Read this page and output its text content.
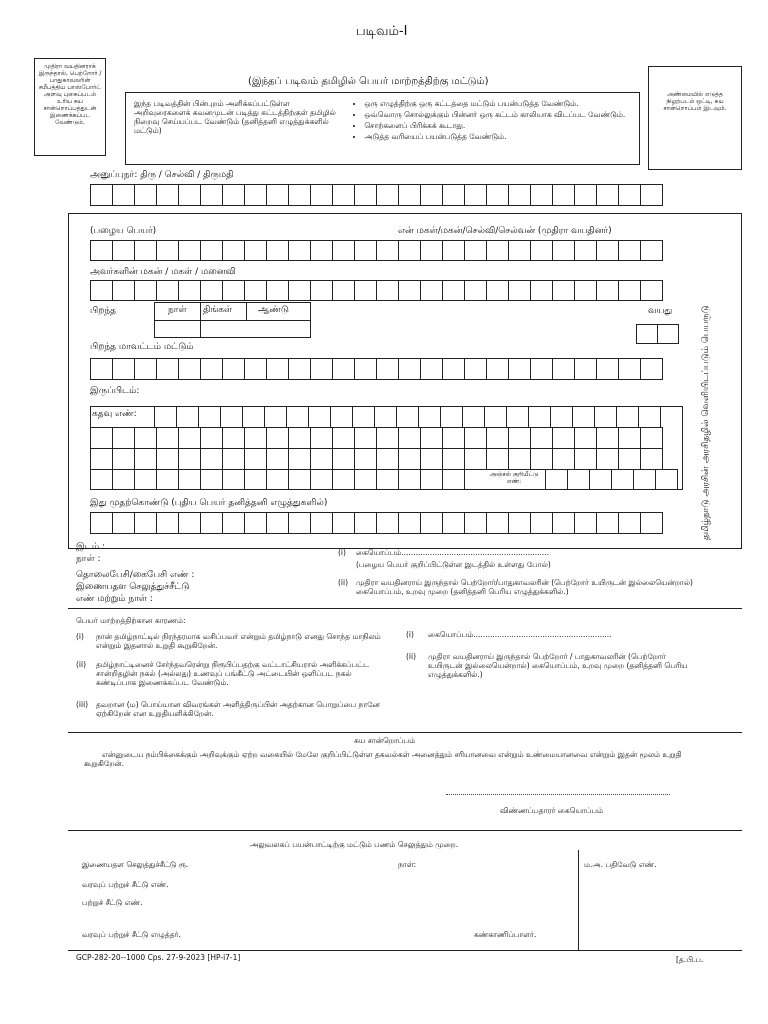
படிவம்-I
(இந்தப் படிவம் தமிழில் பெயர் மாற்றத்திற்கு மட்டும்)
முதிரா வயதினராக் இருந்தால், பெற்றோர் / பாதுகாவலரின் சமீபத்திய பாஸ்போர்ட் அளவு புகைப்படம் உரிய சுய சான்றொப்பத்துடன் இணைக்கப்பட வேண்டும்.
அண்மையில் எடுத்த நிழற்படம் ஒட்டி, சுய சான்றொப்பம் இடவும்.
இந்த படிவத்தின் பின்புறம் அளிக்கப்பட்டுள்ள அறிவுரைகளைக் கவனமுடன் படித்து கட்டத்திற்குள் தமிழில் நிறைவு செய்யப்பட வேண்டும் (தனித்தனி எழுத்துக்களில் மட்டும்)
• ஒரு எழுத்திற்கு ஒரு கட்டத்தை மட்டும் பயன்படுத்த வேண்டும்.
• ஒவ்வொரு சொல்லுக்கும் பின்னர் ஒரு கட்டம் காலியாக விடப்பட வேண்டும்.
• சொற்களைப் பிரிக்கக் கூடாது.
• அடுத்த வரியைப் பயன்படுத்த வேண்டும்.
அனுப்புநர்: திரு / செல்வி / திருமதி
(பழைய பெயர்)	என் மகள்/மகன்/செல்வி/செல்வன் (முதிரா வயதினர்)
அவர்களின் மகன் / மகள் / மனைவி
பிறந்த	நாள் திங்கள்	ஆண்டு	வயது
பிறந்த மாவட்டம் மட்டும்
இருப்பிடம்:
கதவு எண்:
அஞ்சல் குறியீட்டு எண்:
இது முதற்கொண்டு (புதிய பெயர் தனித்தனி எழுத்துகளில்)	தமிழ்நாடு அரசின் அரசிதழில் வெளியிடப்படும் பெயருடு
இடம் :
நாள் :
தொலைபேசி/கைபேசி எண் :
இணையதள செலுத்துச்சீட்டு
எண் மற்றும் நாள் :
(i) கையொப்பம்..............................................................
(பழைய பெயர் குறிப்பிட்டுள்ள இடத்தில் உள்ளது போல்)
(ii) முதிரா வயதினராய் இருந்தால் பெற்றோர்/பாதுகாவலரின் (பெற்றோர் உயிருடன் இல்லையென்றால்) கையொப்பம், உறவு முறை (தனித்தனி பெரிய எழுத்துக்களில்.)
பெயர் மாற்றத்திற்கான காரணம்:
(i) நான் தமிழ்நாட்டில் நிரந்தரமாக வசிப்பவர் என்றும் தமிழ்நாடு எனது சொந்த மாநிலம் என்றும் இதனால் உறுதி கூறுகிறேன்.
(ii) தமிழ்நாட்டினைச் சேர்ந்தவரென்று நிரூபிப்பதற்கு வட்டாட்சியரால் அளிக்கப்பட்ட சான்றிதழின் நகல் (அல்லது) உணவுப் பங்கீட்டு அட்டையின் ஒளிப்பட நகல் கண்டிப்பாக இணைக்கப்பட வேண்டும்.
(iii) தவறான (ம) பொய்யான விவரங்கள் அளித்திருப்பின் அதற்கான பொறுப்பை நானே ஏற்கிறேன் என உறுதியளிக்கிறேன்.
(i) கையொப்பம்..........................................................
(ii) முதிரா வயதினராய் இருந்தால் பெற்றோர் / பாதுகாவலரின் (பெற்றோர் உயிருடன் இல்லையென்றால்) கையொப்பம், உறவு முறை (தனித்தனி பெரிய எழுத்துக்களில்.)
சுய சான்றொப்பம்
என்னுடைய நம்பிக்கைக்கும் அறிவுக்கும் ஏற்ற வகையில் மேலே குறிப்பிட்டுள்ள தகவல்கள் அனைத்தும் சரியானவை என்றும் உண்மையானவை என்றும் இதன் மூலம் உறுதி கூறுகிறேன்.
விண்ணப்பதாரர் கையொப்பம்
அலுவலகப் பயன்பாட்டிற்கு மட்டும் பணம் செலுத்தும் முறை.
இணையதள செலுத்துச்சீட்டு ரூ.	நாள்:	ம.அ. பதிவேடு எண்.
வரவுப் பற்றுச் சீட்டு எண்.
பற்றுச் சீட்டு எண்.
வரவுப் பற்றுச் சீட்டு எழுத்தர்.	கண்காணிப்பாளர்.
GCP-282-20--1000 Cps. 27-9-2023 [HP-i7-1]	[த.பி.ப.
